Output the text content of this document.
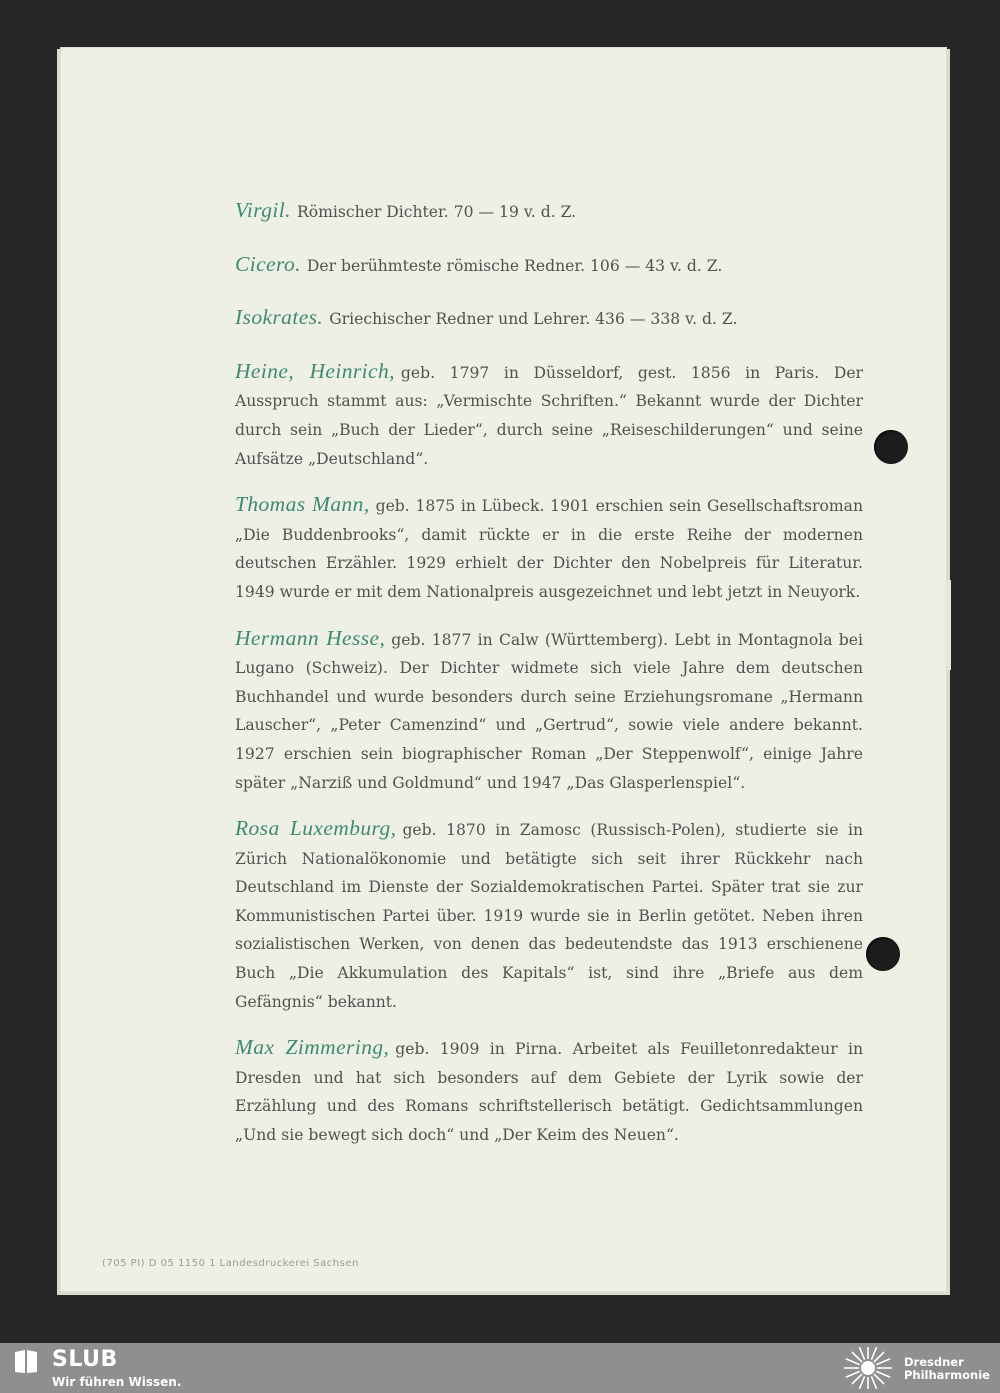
Virgil. Römischer Dichter. 70 — 19 v. d. Z.

Cicero. Der berühmteste römische Redner. 106 — 43 v. d. Z.

Isokrates. Griechischer Redner und Lehrer. 436 — 338 v. d. Z.

Heine, Heinrich, geb. 1797 in Düsseldorf, gest. 1856 in Paris. Der Ausspruch stammt aus: „Vermischte Schriften.“ Bekannt wurde der Dichter durch sein „Buch der Lieder“, durch seine „Reiseschilderungen“ und seine Aufsätze „Deutschland“.

Thomas Mann, geb. 1875 in Lübeck. 1901 erschien sein Gesellschaftsroman „Die Buddenbrooks“, damit rückte er in die erste Reihe der modernen deutschen Erzähler. 1929 erhielt der Dichter den Nobelpreis für Literatur. 1949 wurde er mit dem Nationalpreis ausgezeichnet und lebt jetzt in Neuyork.

Hermann Hesse, geb. 1877 in Calw (Württemberg). Lebt in Montagnola bei Lugano (Schweiz). Der Dichter widmete sich viele Jahre dem deutschen Buchhandel und wurde besonders durch seine Erziehungsromane „Hermann Lauscher“, „Peter Camenzind“ und „Gertrud“, sowie viele andere bekannt. 1927 erschien sein biographischer Roman „Der Steppenwolf“, einige Jahre später „Narziß und Goldmund“ und 1947 „Das Glasperlenspiel“.

Rosa Luxemburg, geb. 1870 in Zamosc (Russisch-Polen), studierte sie in Zürich Nationalökonomie und betätigte sich seit ihrer Rückkehr nach Deutschland im Dienste der Sozialdemokratischen Partei. Später trat sie zur Kommunistischen Partei über. 1919 wurde sie in Berlin getötet. Neben ihren sozialistischen Werken, von denen das bedeutendste das 1913 erschienene Buch „Die Akkumulation des Kapitals“ ist, sind ihre „Briefe aus dem Gefängnis“ bekannt.

Max Zimmering, geb. 1909 in Pirna. Arbeitet als Feuilletonredakteur in Dresden und hat sich besonders auf dem Gebiete der Lyrik sowie der Erzählung und des Romans schriftstellerisch betätigt. Gedichtsammlungen „Und sie bewegt sich doch“ und „Der Keim des Neuen“.

(705 PI) D 05 1150 1 Landesdruckerei Sachsen
SLUB
Wir führen Wissen.
Dresdner
Philharmonie
